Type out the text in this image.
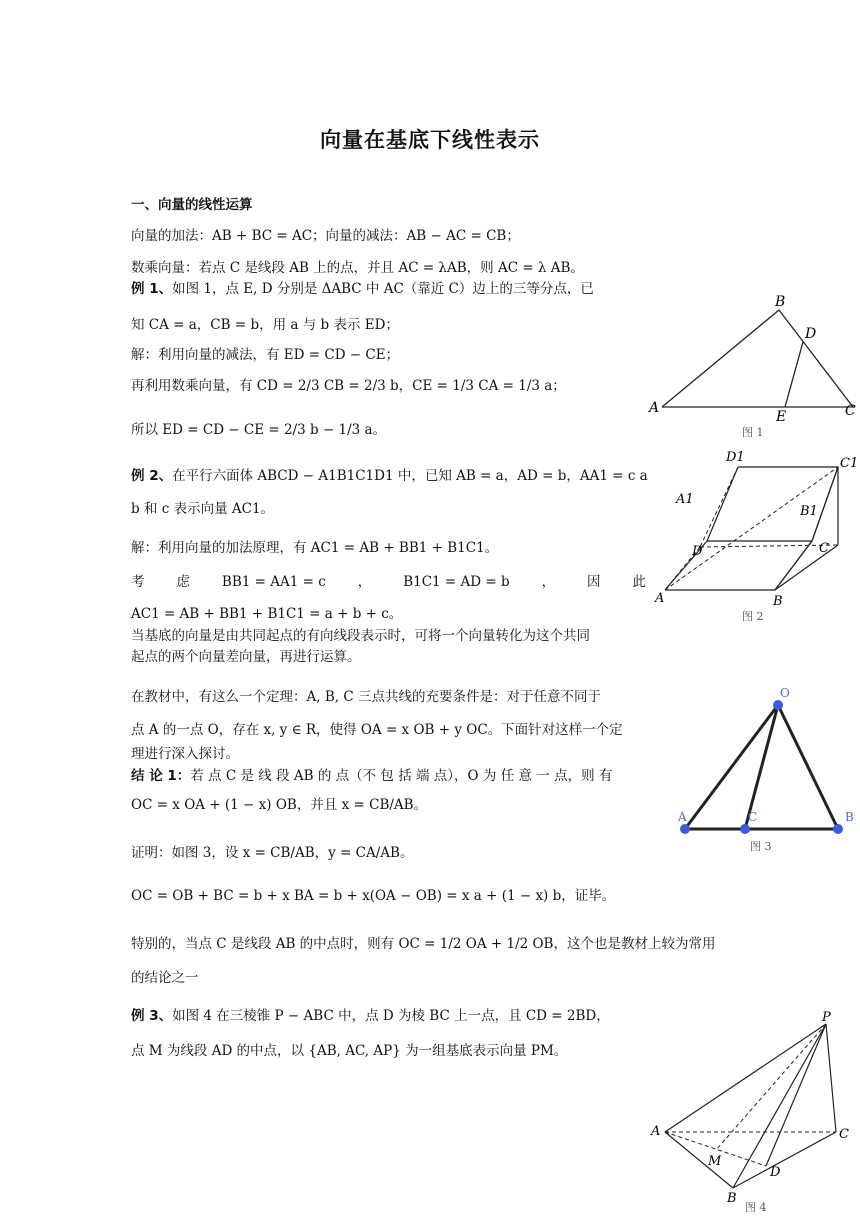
向量在基底下线性表示
一、向量的线性运算
向量的加法：AB + BC = AC；向量的减法：AB − AC = CB；
数乘向量：若点 C 是线段 AB 上的点，并且 AC = λAB，则 AC = λ AB。
例 1、如图 1，点 E, D 分别是 ΔABC 中 AC（靠近 C）边上的三等分点，已
知 CA = a，CB = b，用 a 与 b 表示 ED；
解：利用向量的减法，有 ED = CD − CE；
再利用数乘向量，有 CD = 2/3 CB = 2/3 b，CE = 1/3 CA = 1/3 a；
所以 ED = CD − CE = 2/3 b − 1/3 a。
例 2、在平行六面体 ABCD − A1B1C1D1 中，已知 AB = a，AD = b，AA1 = c a
b 和 c 表示向量 AC1。
解：利用向量的加法原理，有 AC1 = AB + BB1 + B1C1。
考 虑 BB1 = AA1 = c ， B1C1 = AD = b ， 因 此
AC1 = AB + BB1 + B1C1 = a + b + c。
当基底的向量是由共同起点的有向线段表示时，可将一个向量转化为这个共同
起点的两个向量差向量，再进行运算。
在教材中，有这么一个定理：A, B, C 三点共线的充要条件是：对于任意不同于
点 A 的一点 O，存在 x, y ∈ R，使得 OA = x OB + y OC。下面针对这样一个定
理进行深入探讨。
结 论 1：若 点 C 是 线 段 AB 的 点（不 包 括 端 点），O 为 任 意 一 点，则 有
OC = x OA + (1 − x) OB，并且 x = CB/AB。
证明：如图 3，设 x = CB/AB，y = CA/AB。
OC = OB + BC = b + x BA = b + x(OA − OB) = x a + (1 − x) b，证毕。
特别的，当点 C 是线段 AB 的中点时，则有 OC = 1/2 OA + 1/2 OB，这个也是教材上较为常用
的结论之一
例 3、如图 4 在三棱锥 P − ABC 中，点 D 为棱 BC 上一点，且 CD = 2BD，
点 M 为线段 AD 的中点，以 {AB, AC, AP} 为一组基底表示向量 PM。
A
B
C
D
E
图 1
D1	C1
A1
B1
D	C
A	B
图 2
O
A	C	B
图 3
P
A	C
M
D
B
图 4
